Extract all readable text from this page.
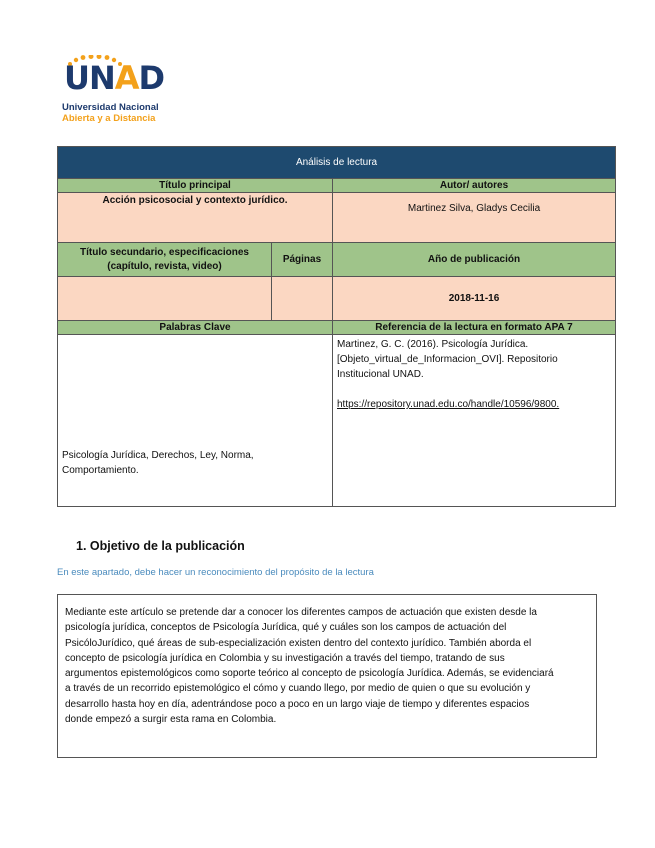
UNAD
Universidad Nacional
Abierta y a Distancia
Análisis de lectura		
Título principal		Autor/ autores
Acción psicosocial y contexto jurídico.		Martinez Silva, Gladys Cecilia

Título secundario, especificaciones
(capítulo, revista, video)	Páginas	Año de publicación
		2018-11-16
Palabras Clave		Referencia de la lectura en formato APA 7
Psicología Jurídica, Derechos, Ley, Norma, Comportamiento.		Martinez, G. C. (2016). Psicología Jurídica.
[Objeto_virtual_de_Informacion_OVI]. Repositorio
Institucional UNAD.
https://repository.unad.edu.co/handle/10596/9800.
1. Objetivo de la publicación
En este apartado, debe hacer un reconocimiento del propósito de la lectura
Mediante este artículo se pretende dar a conocer los diferentes campos de actuación que existen desde la
psicología jurídica, conceptos de Psicología Jurídica, qué y cuáles son los campos de actuación del
PsicóloJurídico, qué áreas de sub-especialización existen dentro del contexto jurídico. También aborda el
concepto de psicología jurídica en Colombia y su investigación a través del tiempo, tratando de sus
argumentos epistemológicos como soporte teórico al concepto de psicología Jurídica. Además, se evidenciará
a través de un recorrido epistemológico el cómo y cuando llego, por medio de quien o que su evolución y
desarrollo hasta hoy en día, adentrándose poco a poco en un largo viaje de tiempo y diferentes espacios
donde empezó a surgir esta rama en Colombia.
